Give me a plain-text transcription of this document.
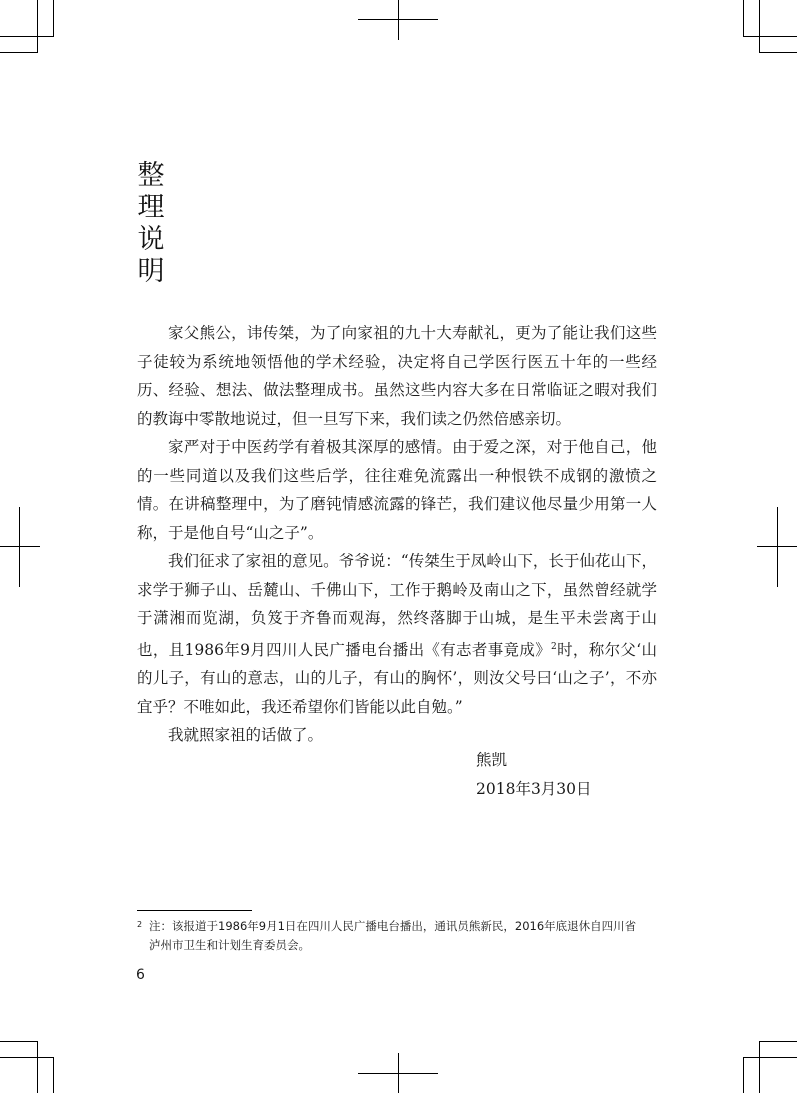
整
理
说
明

家父熊公，讳传桀，为了向家祖的九十大寿献礼，更为了能让我们这些子徒较为系统地领悟他的学术经验，决定将自己学医行医五十年的一些经历、经验、想法、做法整理成书。虽然这些内容大多在日常临证之暇对我们的教诲中零散地说过，但一旦写下来，我们读之仍然倍感亲切。

家严对于中医药学有着极其深厚的感情。由于爱之深，对于他自己，他的一些同道以及我们这些后学，往往难免流露出一种恨铁不成钢的激愤之情。在讲稿整理中，为了磨钝情感流露的锋芒，我们建议他尽量少用第一人称，于是他自号“山之子”。

我们征求了家祖的意见。爷爷说：“传桀生于凤岭山下，长于仙花山下，求学于狮子山、岳麓山、千佛山下，工作于鹅岭及南山之下，虽然曾经就学于潇湘而览湖，负笈于齐鲁而观海，然终落脚于山城，是生平未尝离于山也，且1986年9月四川人民广播电台播出《有志者事竟成》$^2$时，称尔父‘山的儿子，有山的意志，山的儿子，有山的胸怀’，则汝父号曰‘山之子’，不亦宜乎？不唯如此，我还希望你们皆能以此自勉。”

我就照家祖的话做了。

熊凯
2018年3月30日
2 注：该报道于1986年9月1日在四川人民广播电台播出，通讯员熊新民，2016年底退休自四川省泸州市卫生和计划生育委员会。
6
